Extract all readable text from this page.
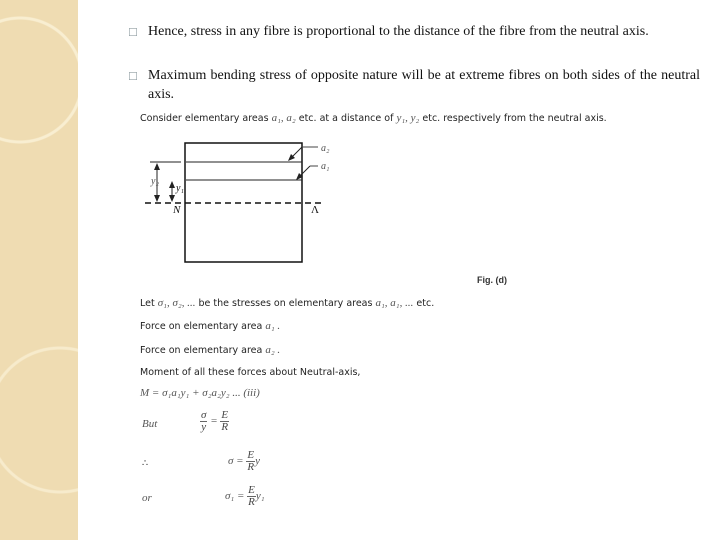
□ Hence, stress in any fibre is proportional to the distance of the fibre from the neutral axis.
□ Maximum bending stress of opposite nature will be at extreme fibres on both sides of the neutral axis.
Consider elementary areas a₁, a₂ etc. at a distance of y₁, y₂ etc. respectively from the neutral axis.
a₂
a₁
y₂
y₁
N	Λ
Fig. (d)
Let σ₁, σ₂, ... be the stresses on elementary areas a₁, a₁, ... etc.
Force on elementary area a₁ .
Force on elementary area a₂ .
Moment of all these forces about Neutral-axis,
M = σ₁a₁y₁ + σ₂a₂y₂ ... (iii)
But	$\frac{\sigma}{y} = \frac{E}{R}$
∴	$\sigma = \frac{E}{R}$ y
or	$\sigma_1 = \frac{E}{R} y_1$
